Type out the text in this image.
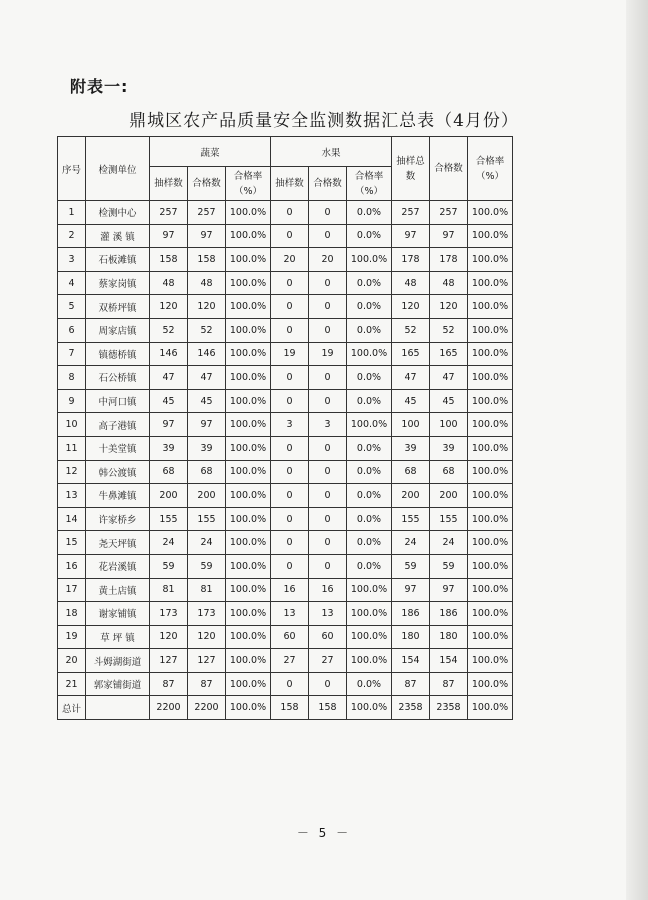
附表一:
鼎城区农产品质量安全监测数据汇总表（4月份）
序号	检测单位	蔬菜			水果			抽样总数	合格数	合格率（%）
		抽样数	合格数	合格率（%）	抽样数	合格数	合格率（%）			
1	检测中心	257	257	100.0%	0	0	0.0%	257	257	100.0%
2	灌 溪 镇	97	97	100.0%	0	0	0.0%	97	97	100.0%
3	石板滩镇	158	158	100.0%	20	20	100.0%	178	178	100.0%
4	蔡家岗镇	48	48	100.0%	0	0	0.0%	48	48	100.0%
5	双桥坪镇	120	120	100.0%	0	0	0.0%	120	120	100.0%
6	周家店镇	52	52	100.0%	0	0	0.0%	52	52	100.0%
7	镇德桥镇	146	146	100.0%	19	19	100.0%	165	165	100.0%
8	石公桥镇	47	47	100.0%	0	0	0.0%	47	47	100.0%
9	中河口镇	45	45	100.0%	0	0	0.0%	45	45	100.0%
10	高子港镇	97	97	100.0%	3	3	100.0%	100	100	100.0%
11	十美堂镇	39	39	100.0%	0	0	0.0%	39	39	100.0%
12	韩公渡镇	68	68	100.0%	0	0	0.0%	68	68	100.0%
13	牛鼻滩镇	200	200	100.0%	0	0	0.0%	200	200	100.0%
14	许家桥乡	155	155	100.0%	0	0	0.0%	155	155	100.0%
15	尧天坪镇	24	24	100.0%	0	0	0.0%	24	24	100.0%
16	花岩溪镇	59	59	100.0%	0	0	0.0%	59	59	100.0%
17	黄土店镇	81	81	100.0%	16	16	100.0%	97	97	100.0%
18	谢家铺镇	173	173	100.0%	13	13	100.0%	186	186	100.0%
19	草 坪 镇	120	120	100.0%	60	60	100.0%	180	180	100.0%
20	斗姆湖街道	127	127	100.0%	27	27	100.0%	154	154	100.0%
21	郭家铺街道	87	87	100.0%	0	0	0.0%	87	87	100.0%
总计		2200	2200	100.0%	158	158	100.0%	2358	2358	100.0%
－ 5 －
